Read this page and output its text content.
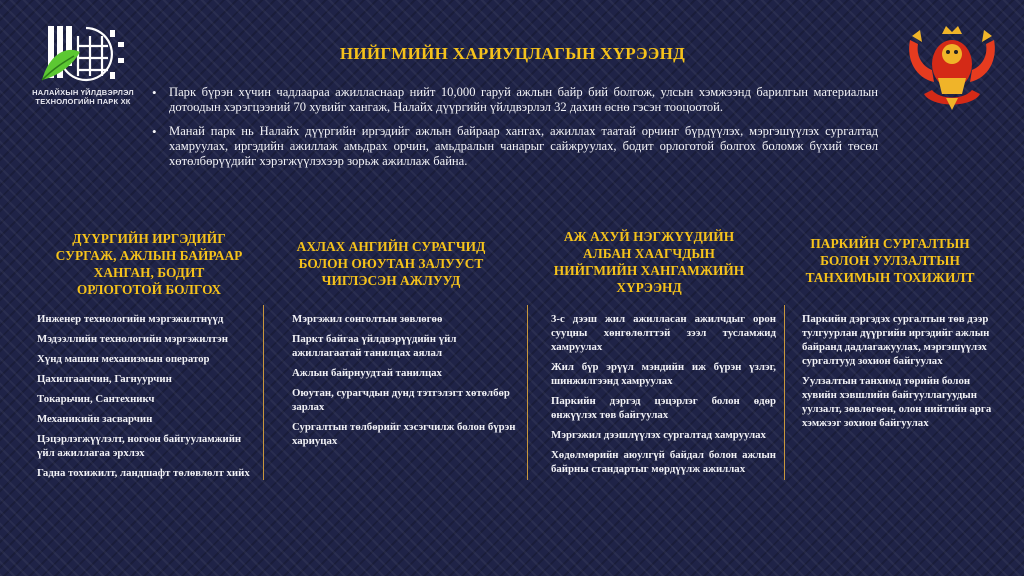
НАЛАЙХЫН ҮЙЛДВЭРЛЭЛ
ТЕХНОЛОГИЙН ПАРК ХК
НИЙГМИЙН ХАРИУЦЛАГЫН ХҮРЭЭНД
• Парк бүрэн хүчин чадлаараа ажилласнаар нийт 10,000 гаруй ажлын байр бий болгож, улсын хэмжээнд барилгын материалын дотоодын хэрэгцээний 70 хувийг хангаж, Налайх дүүргийн үйлдвэрлэл 32 дахин өснө гэсэн тооцоотой.
• Манай парк нь Налайх дүүргийн иргэдийг ажлын байраар хангах, ажиллах таатай орчинг бүрдүүлэх, мэргэшүүлэх сургалтад хамруулах, иргэдийн ажиллаж амьдрах орчин, амьдралын чанарыг сайжруулах, бодит орлоготой болгох боломж бүхий төсөл хөтөлбөрүүдийг хэрэгжүүлэхээр зорьж ажиллаж байна.
ДҮҮРГИЙН ИРГЭДИЙГ
СУРГАЖ, АЖЛЫН БАЙРААР
ХАНГАН, БОДИТ
ОРЛОГОТОЙ БОЛГОХ
Инженер технологийн мэргэжилтнүүд
Мэдээллийн технологийн мэргэжилтэн
Хүнд машин механизмын оператор
Цахилгаанчин, Гагнуурчин
Токарьчин, Сантехникч
Механикийн засварчин
Цэцэрлэгжүүлэлт, ногоон байгууламжийн үйл ажиллагаа эрхлэх
Гадна тохижилт, ландшафт төлөвлөлт хийх
АХЛАХ АНГИЙН СУРАГЧИД
БОЛОН ОЮУТАН ЗАЛУУСТ
ЧИГЛЭСЭН АЖЛУУД
Мэргэжил сонголтын зөвлөгөө
Паркт байгаа үйлдвэрүүдийн үйл ажиллагаатай танилцах аялал
Ажлын байрнуудтай танилцах
Оюутан, сурагчдын дунд тэтгэлэгт хөтөлбөр зарлах
Сургалтын төлбөрийг хэсэгчилж болон бүрэн хариуцах
АЖ АХУЙ НЭГЖҮҮДИЙН
АЛБАН ХААГЧДЫН
НИЙГМИЙН ХАНГАМЖИЙН
ХҮРЭЭНД
3-с дээш жил ажилласан ажилчдыг орон сууцны хөнгөлөлттэй зээл тусламжид хамруулах
Жил бүр эрүүл мэндийн иж бүрэн үзлэг, шинжилгээнд хамруулах
Паркийн дэргэд цэцэрлэг болон өдөр өнжүүлэх төв байгуулах
Мэргэжил дээшлүүлэх сургалтад хамруулах
Хөдөлмөрийн аюулгүй байдал болон ажлын байрны стандартыг мөрдүүлж ажиллах
ПАРКИЙН СУРГАЛТЫН
БОЛОН УУЛЗАЛТЫН
ТАНХИМЫН ТОХИЖИЛТ
Паркийн дэргэдэх сургалтын төв дээр тулгуурлан дүүргийн иргэдийг ажлын байранд дадлагажуулах, мэргэшүүлэх сургалтууд зохион байгуулах
Уулзалтын танхимд төрийн болон хувийн хэвшлийн байгууллагуудын уулзалт, зөвлөгөөн, олон нийтийн арга хэмжээг зохион байгуулах
